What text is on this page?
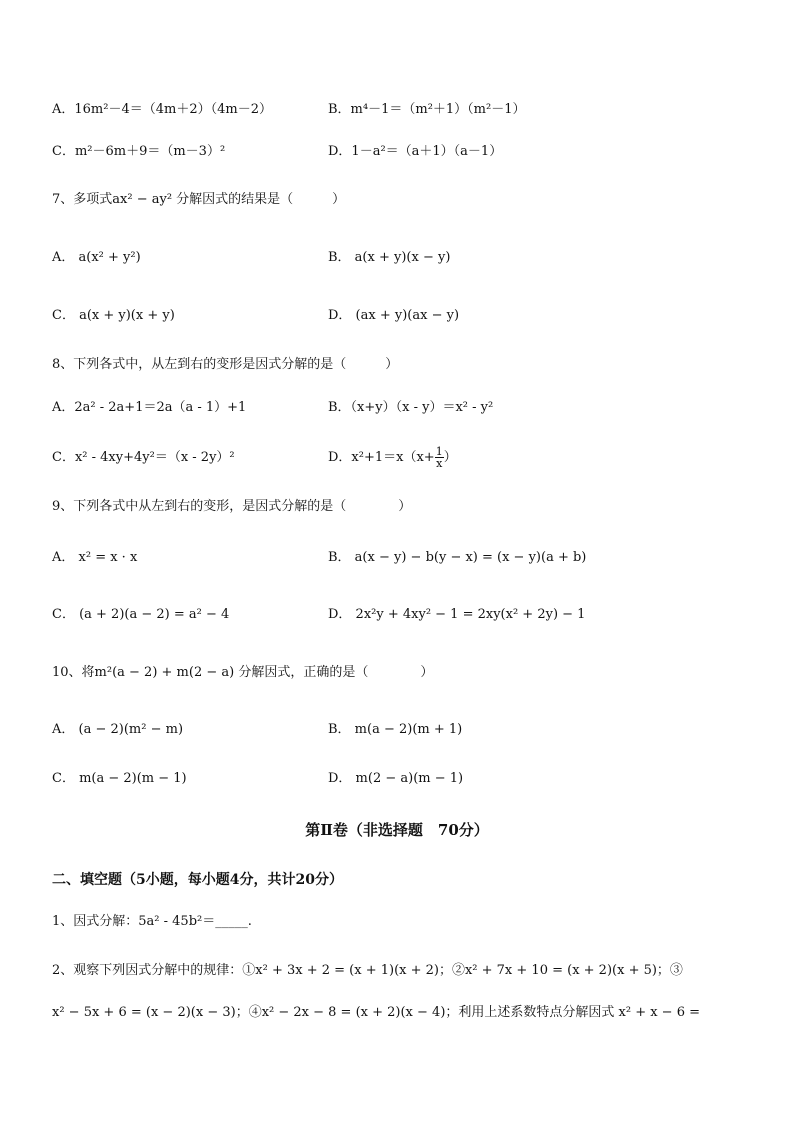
A．16m²－4＝（4m＋2）（4m－2）	B．m⁴－1＝（m²＋1）（m²－1）
C．m²－6m＋9＝（m－3）²	D．1－a²＝（a＋1）（a－1）
7、多项式ax² − ay² 分解因式的结果是（　　　）
A． a(x² + y²)	B． a(x + y)(x − y)
C． a(x + y)(x + y)	D． (ax + y)(ax − y)
8、下列各式中，从左到右的变形是因式分解的是（　　　）
A．2a² - 2a+1＝2a（a - 1）+1	B．（x+y）（x - y）＝x² - y²
C．x² - 4xy+4y²＝（x - 2y）²	D．$x^2+1=x(x+ \frac{1}{x}$ ）
9、下列各式中从左到右的变形，是因式分解的是（　　　　）
A． x² = x · x	B． a(x − y) − b(y − x) = (x − y)(a + b)
C． (a + 2)(a − 2) = a² − 4	D． 2x²y + 4xy² − 1 = 2xy(x² + 2y) − 1
10、将m²(a − 2) + m(2 − a) 分解因式，正确的是（　　　　）
A． (a − 2)(m² − m)	B． m(a − 2)(m + 1)
C． m(a − 2)(m − 1)	D． m(2 − a)(m − 1)
第Ⅱ卷（非选择题　70分）
二、填空题（5小题，每小题4分，共计20分）
1、因式分解：5a² - 45b²＝_____.
2、观察下列因式分解中的规律：①x² + 3x + 2 = (x + 1)(x + 2)；②x² + 7x + 10 = (x + 2)(x + 5)；③
x² − 5x + 6 = (x − 2)(x − 3)；④x² − 2x − 8 = (x + 2)(x − 4)；利用上述系数特点分解因式 x² + x − 6 =
